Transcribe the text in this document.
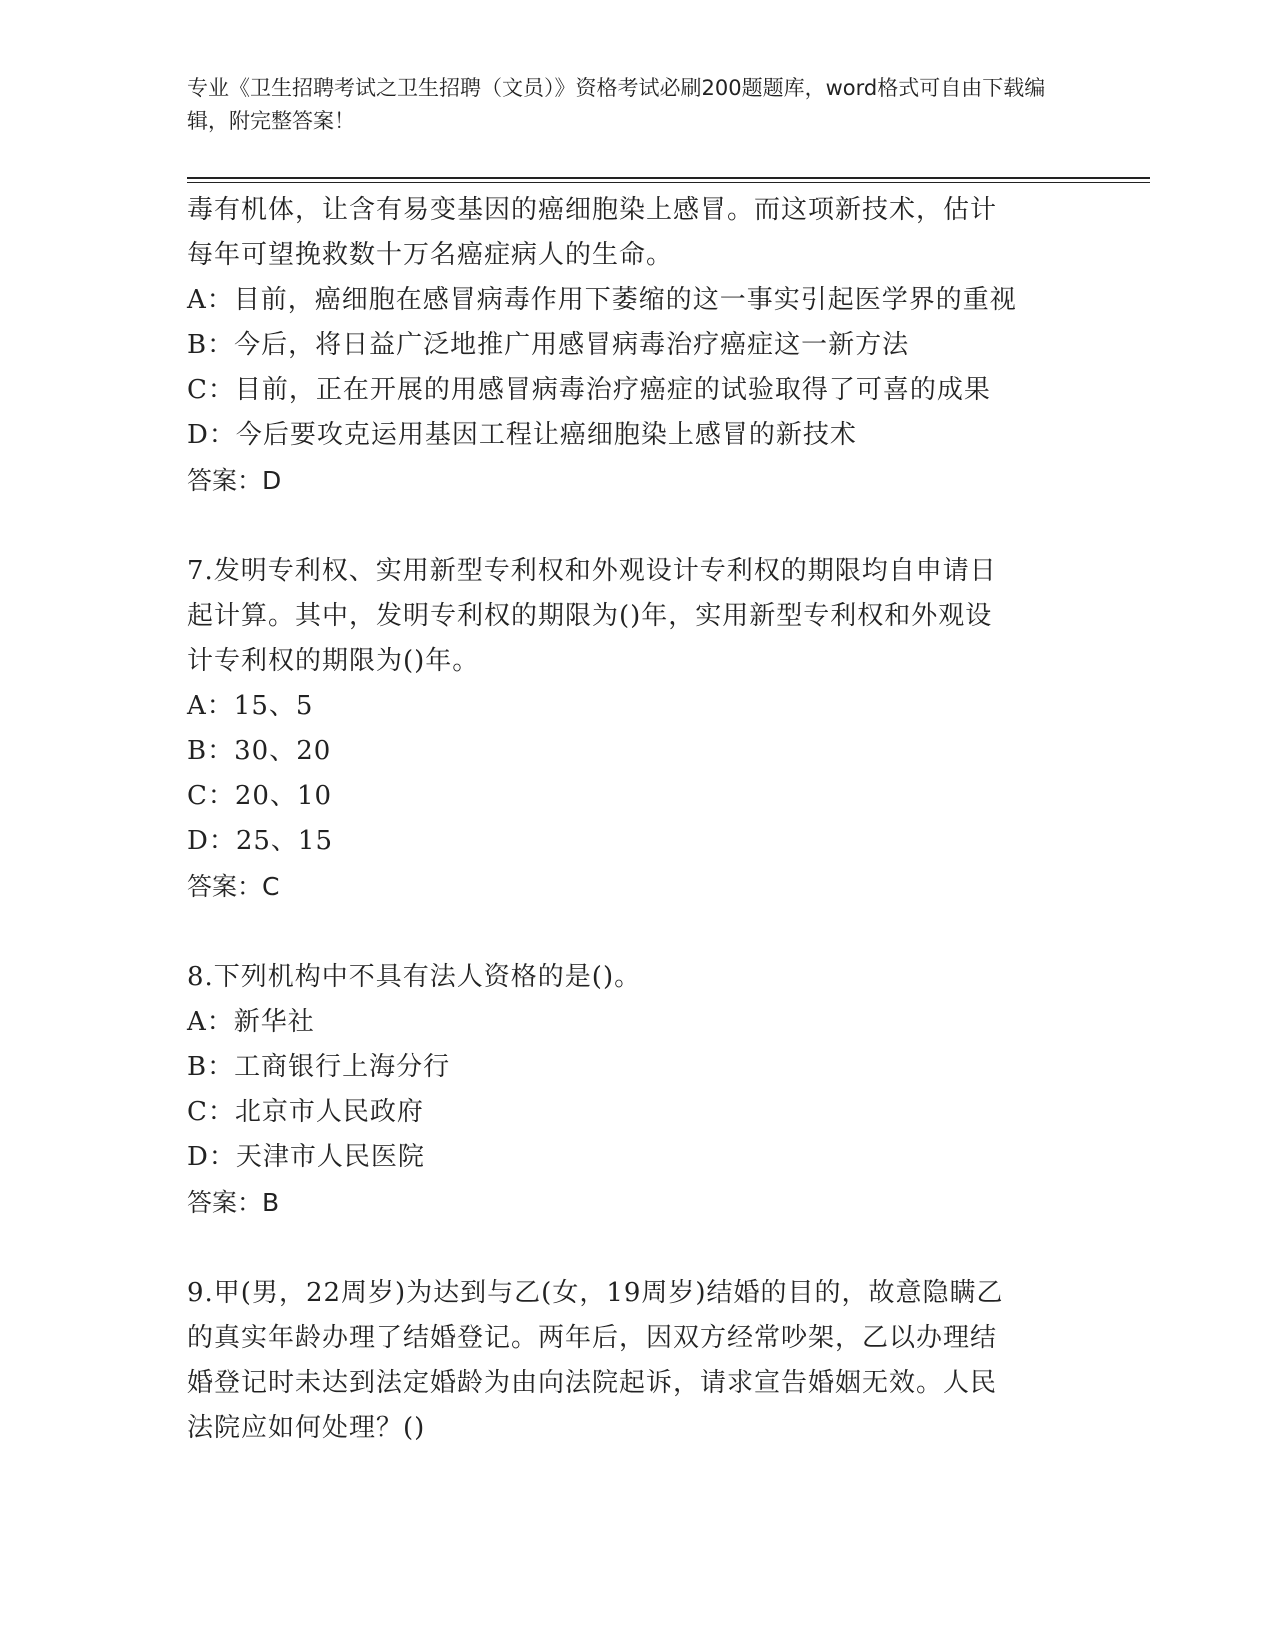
专业《卫生招聘考试之卫生招聘（文员）》资格考试必刷200题题库，word格式可自由下载编辑，附完整答案！

毒有机体，让含有易变基因的癌细胞染上感冒。而这项新技术，估计

每年可望挽救数十万名癌症病人的生命。

A：目前，癌细胞在感冒病毒作用下萎缩的这一事实引起医学界的重视

B：今后，将日益广泛地推广用感冒病毒治疗癌症这一新方法

C：目前，正在开展的用感冒病毒治疗癌症的试验取得了可喜的成果

D：今后要攻克运用基因工程让癌细胞染上感冒的新技术

答案：D

7.发明专利权、实用新型专利权和外观设计专利权的期限均自申请日

起计算。其中，发明专利权的期限为()年，实用新型专利权和外观设

计专利权的期限为()年。

A：15、5

B：30、20

C：20、10

D：25、15

答案：C

8.下列机构中不具有法人资格的是()。

A：新华社

B：工商银行上海分行

C：北京市人民政府

D：天津市人民医院

答案：B

9.甲(男，22周岁)为达到与乙(女，19周岁)结婚的目的，故意隐瞒乙

的真实年龄办理了结婚登记。两年后，因双方经常吵架，乙以办理结

婚登记时未达到法定婚龄为由向法院起诉，请求宣告婚姻无效。人民

法院应如何处理？()
